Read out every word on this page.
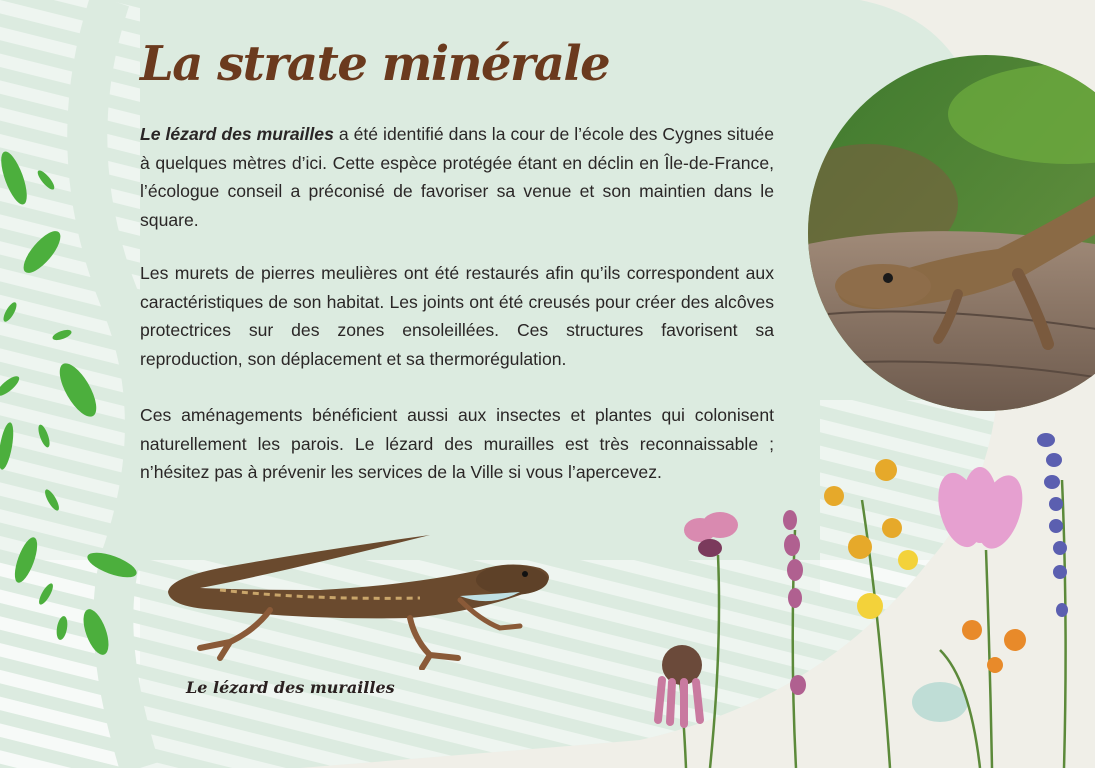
La strate minérale

Le lézard des murailles a été identifié dans la cour de l’école des Cygnes située à quelques mètres d’ici. Cette espèce protégée étant en déclin en Île-de-France, l’écologue conseil a préconisé de favoriser sa venue et son maintien dans le square.

Les murets de pierres meulières ont été restaurés afin qu’ils correspondent aux caractéristiques de son habitat. Les joints ont été creusés pour créer des alcôves protectrices sur des zones ensoleillées. Ces structures favorisent sa reproduction, son déplacement et sa thermorégulation.

Ces aménagements bénéficient aussi aux insectes et plantes qui colonisent naturellement les parois. Le lézard des murailles est très reconnaissable ; n’hésitez pas à prévenir les services de la Ville si vous l’apercevez.

Le lézard des murailles
